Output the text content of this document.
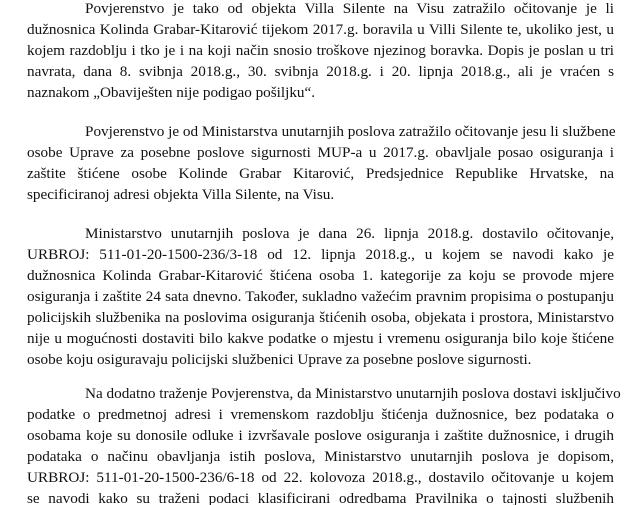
Povjerenstvo je tako od objekta Villa Silente na Visu zatražilo očitovanje je li
dužnosnica Kolinda Grabar-Kitarović tijekom 2017.g. boravila u Villi Silente te, ukoliko jest, u
kojem razdoblju i tko je i na koji način snosio troškove njezinog boravka. Dopis je poslan u tri
navrata, dana 8. svibnja 2018.g., 30. svibnja 2018.g. i 20. lipnja 2018.g., ali je vraćen s
naznakom „Obaviješten nije podigao pošiljku“.
Povjerenstvo je od Ministarstva unutarnjih poslova zatražilo očitovanje jesu li službene
osobe Uprave za posebne poslove sigurnosti MUP-a u 2017.g. obavljale posao osiguranja i
zaštite štićene osobe Kolinde Grabar Kitarović, Predsjednice Republike Hrvatske, na
specificiranoj adresi objekta Villa Silente, na Visu.
Ministarstvo unutarnjih poslova je dana 26. lipnja 2018.g. dostavilo očitovanje,
URBROJ: 511-01-20-1500-236/3-18 od 12. lipnja 2018.g., u kojem se navodi kako je
dužnosnica Kolinda Grabar-Kitarović štićena osoba 1. kategorije za koju se provode mjere
osiguranja i zaštite 24 sata dnevno. Također, sukladno važećim pravnim propisima o postupanju
policijskih službenika na poslovima osiguranja štićenih osoba, objekata i prostora, Ministarstvo
nije u mogućnosti dostaviti bilo kakve podatke o mjestu i vremenu osiguranja bilo koje štićene
osobe koju osiguravaju policijski službenici Uprave za posebne poslove sigurnosti.
Na dodatno traženje Povjerenstva, da Ministarstvo unutarnjih poslova dostavi isključivo
podatke o predmetnoj adresi i vremenskom razdoblju štićenja dužnosnice, bez podataka o
osobama koje su donosile odluke i izvršavale poslove osiguranja i zaštite dužnosnice, i drugih
podataka o načinu obavljanja istih poslova, Ministarstvo unutarnjih poslova je dopisom,
URBROJ: 511-01-20-1500-236/6-18 od 22. kolovoza 2018.g., dostavilo očitovanje u kojem
se navodi kako su traženi podaci klasificirani odredbama Pravilnika o tajnosti službenih
